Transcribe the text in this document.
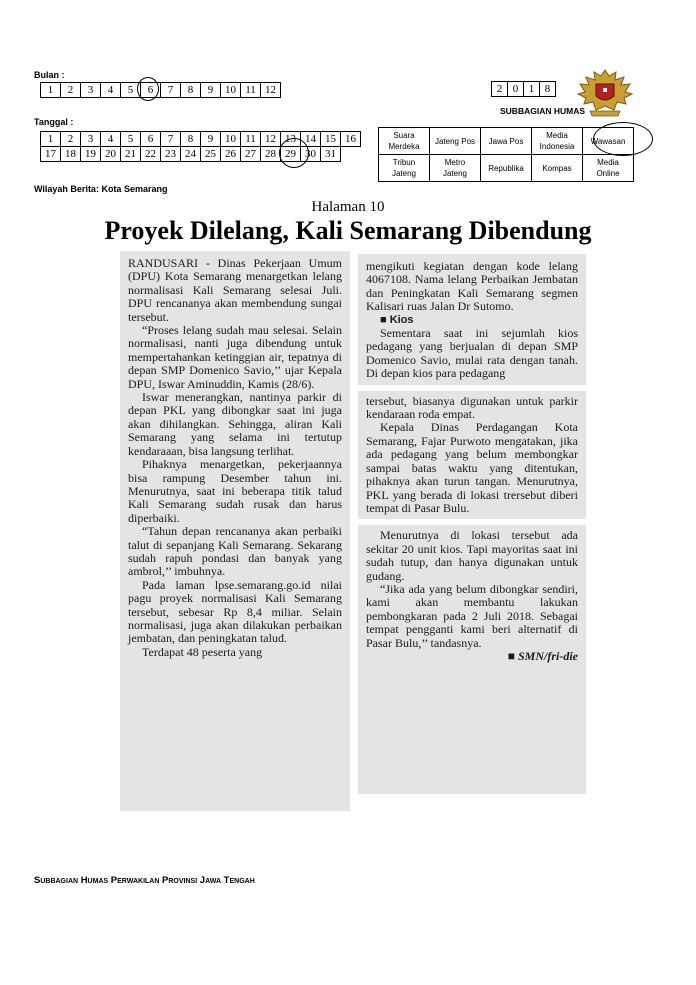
Bulan :
1	2	3	4	5	6	7	8	9	10	11	12
Tanggal :
1	2	3	4	5	6	7	8	9	10	11	12	13	14	15	16
17	18	19	20	21	22	23	24	25	26	27	28	29	30	31	
Wilayah Berita: Kota Semarang
2	0	1	8
SUBBAGIAN HUMAS
Suara Merdeka	Jateng Pos	Jawa Pos	Media Indonesia	Wawasan
Tribun Jateng	Metro Jateng	Republika	Kompas	Media Online
Halaman 10
Proyek Dilelang, Kali Semarang Dibendung

RANDUSARI - Dinas Pekerjaan Umum (DPU) Kota Semarang menargetkan lelang normalisasi Kali Semarang selesai Juli. DPU rencananya akan membendung sungai tersebut.

“Proses lelang sudah mau selesai. Selain normalisasi, nanti juga dibendung untuk mempertahankan ketinggian air, tepatnya di depan SMP Domenico Savio,’’ ujar Kepala DPU, Iswar Aminuddin, Kamis (28/6).

Iswar menerangkan, nantinya parkir di depan PKL yang dibongkar saat ini juga akan dihilangkan. Sehingga, aliran Kali Semarang yang selama ini tertutup kendaraaan, bisa langsung terlihat.

Pihaknya menargetkan, pekerjaannya bisa rampung Desember tahun ini. Menurutnya, saat ini beberapa titik talud Kali Semarang sudah rusak dan harus diperbaiki.

“Tahun depan rencananya akan perbaiki talut di sepanjang Kali Semarang. Sekarang sudah rapuh pondasi dan banyak yang ambrol,’’ imbuhnya.

Pada laman lpse.semarang.go.id nilai pagu proyek normalisasi Kali Semarang tersebut, sebesar Rp 8,4 miliar. Selain normalisasi, juga akan dilakukan perbaikan jembatan, dan peningkatan talud.

Terdapat 48 peserta yang

mengikuti kegiatan dengan kode lelang 4067108. Nama lelang Perbaikan Jembatan dan Peningkatan Kali Semarang segmen Kalisari ruas Jalan Dr Sutomo.

■ Kios

Sementara saat ini sejumlah kios pedagang yang berjualan di depan SMP Domenico Savio, mulai rata dengan tanah. Di depan kios para pedagang

tersebut, biasanya digunakan untuk parkir kendaraan roda empat.

Kepala Dinas Perdagangan Kota Semarang, Fajar Purwoto mengatakan, jika ada pedagang yang belum membongkar sampai batas waktu yang ditentukan, pihaknya akan turun tangan. Menurutnya, PKL yang berada di lokasi trersebut diberi tempat di Pasar Bulu.

Menurutnya di lokasi tersebut ada sekitar 20 unit kios. Tapi mayoritas saat ini sudah tutup, dan hanya digunakan untuk gudang.

“Jika ada yang belum dibongkar sendiri, kami akan membantu lakukan pembongkaran pada 2 Juli 2018. Sebagai tempat pengganti kami beri alternatif di Pasar Bulu,’’ tandasnya.

■ SMN/fri-die

Subbagian Humas Perwakilan Provinsi Jawa Tengah
